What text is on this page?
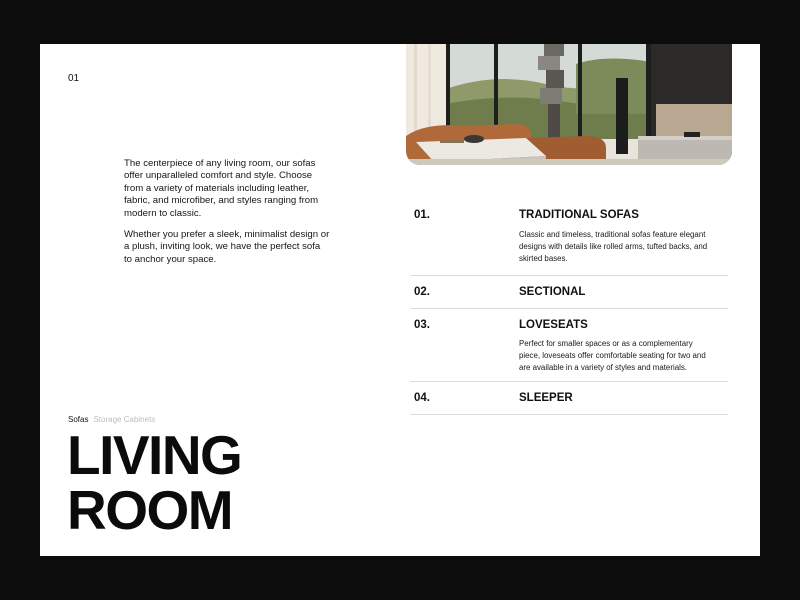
01

The centerpiece of any living room, our sofas offer unparalleled comfort and style. Choose from a variety of materials including leather, fabric, and microfiber, and styles ranging from modern to classic.

Whether you prefer a sleek, minimalist design or a plush, inviting look, we have the perfect sofa to anchor your space.

Sofas Storage Cabinets
LIVING
ROOM
01.	TRADITIONAL SOFAS
Classic and timeless, traditional sofas feature elegant designs with details like rolled arms, tufted backs, and skirted bases.
02.	SECTIONAL
03.	LOVESEATS
Perfect for smaller spaces or as a complementary piece, loveseats offer comfortable seating for two and are available in a variety of styles and materials.
04.	SLEEPER
